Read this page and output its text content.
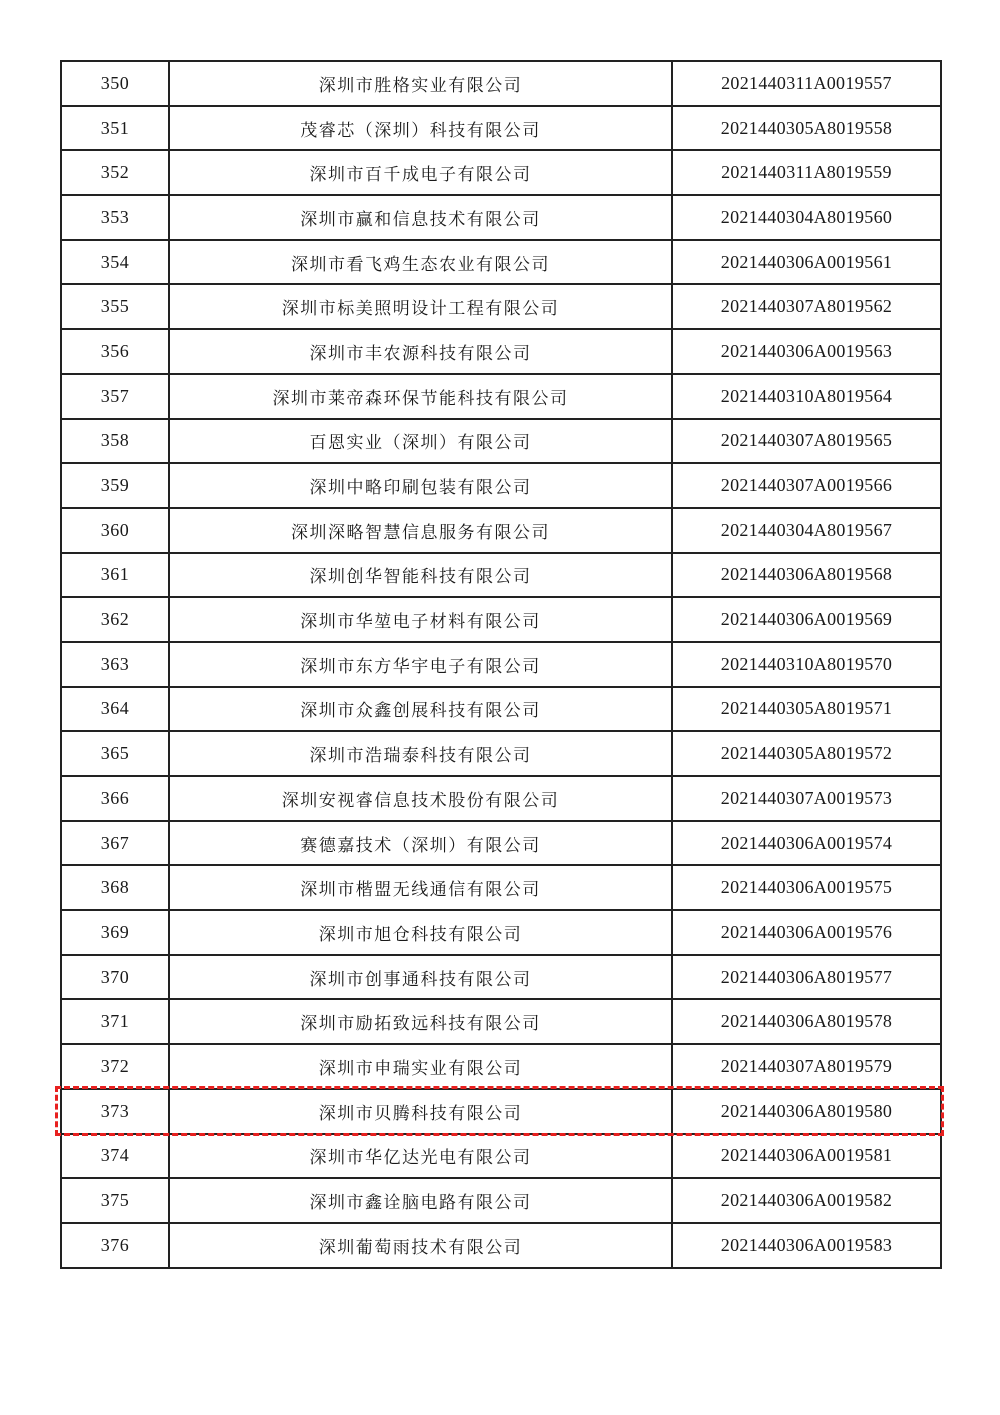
350	深圳市胜格实业有限公司	2021440311A0019557
351	茂睿芯（深圳）科技有限公司	2021440305A8019558
352	深圳市百千成电子有限公司	2021440311A8019559
353	深圳市赢和信息技术有限公司	2021440304A8019560
354	深圳市看飞鸡生态农业有限公司	2021440306A0019561
355	深圳市标美照明设计工程有限公司	2021440307A8019562
356	深圳市丰农源科技有限公司	2021440306A0019563
357	深圳市莱帝森环保节能科技有限公司	2021440310A8019564
358	百恩实业（深圳）有限公司	2021440307A8019565
359	深圳中略印刷包装有限公司	2021440307A0019566
360	深圳深略智慧信息服务有限公司	2021440304A8019567
361	深圳创华智能科技有限公司	2021440306A8019568
362	深圳市华堃电子材料有限公司	2021440306A0019569
363	深圳市东方华宇电子有限公司	2021440310A8019570
364	深圳市众鑫创展科技有限公司	2021440305A8019571
365	深圳市浩瑞泰科技有限公司	2021440305A8019572
366	深圳安视睿信息技术股份有限公司	2021440307A0019573
367	赛德嘉技术（深圳）有限公司	2021440306A0019574
368	深圳市楷盟无线通信有限公司	2021440306A0019575
369	深圳市旭仓科技有限公司	2021440306A0019576
370	深圳市创事通科技有限公司	2021440306A8019577
371	深圳市励拓致远科技有限公司	2021440306A8019578
372	深圳市申瑞实业有限公司	2021440307A8019579
373	深圳市贝腾科技有限公司	2021440306A8019580
374	深圳市华亿达光电有限公司	2021440306A0019581
375	深圳市鑫诠脑电路有限公司	2021440306A0019582
376	深圳葡萄雨技术有限公司	2021440306A0019583
